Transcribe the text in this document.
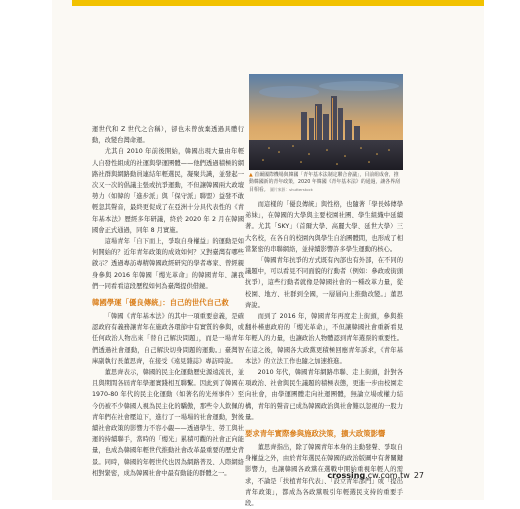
運世代和 Z 世代之合稱），卻也未曾放棄透過具體行動，改變台灣命運。

尤其自 2010 年前後開始，韓國出現大量由年輕人自發性組成的社運與學運團體——他們透過積極的網路社群與網路動員連結年輕選民，凝聚共識，並發起一次又一次的倡議主張或抗爭運動，不但讓韓國兩大政壇勢力（如韓的「進步派」與「保守派」聯盟）益發不敢輕忽其聲音，最終更促成了在亞洲十分具代表性的《青年基本法》歷經多年研議，終於 2020 年 2 月在韓國國會正式通過，同年 8 月實施。

這場青年「自下而上，爭取自身權益」的運動是如何開始的？近年青年政策的成效如何？又對臺灣有哪些啟示？透過專訪專精韓國政經研究的學者專家、曾經親身參與 2016 年韓國「燭光革命」的韓國青年、讓我們一同看看這段歷程如何為臺灣提供借鏡。

韓國學運「優良傳統」：自己的世代自己救

「韓國《青年基本法》的其中一項重要意義，是確認政府有義務讓青年在施政各環節中有實質的參與，或任何政治人物出來「替自己解決問題」，而是一場青年們透過社會運動，自己解決切身問題的運動。」臺灣智庫副執行長董思齊，在接受《遠見雜誌》專訪時說。

董思齊表示，韓國的民主化運動歷史源遠流長，並且與期間各屆青年學運實踐相互聯繫。因此到了韓國在 1970-80 年代的民主化運動（如著名的光州事件）至今仍被不少韓國人視為民主化的驕傲，那些令人欽佩的青年們在社會壓迫下，進行了一場場的社會運動，對後續社會政策的影響力不容小覷——透過學生、勞工與社運的持續聯手，當時的「燭光」累積可觀的社會正向能量，也成為韓國年輕世代推動社會改革最重要的歷史背景。同時，韓國的年輕世代也因為網路普及、人際網絡相對緊密，成為韓國社會中最有動能的群體之一。

▲ 首爾國際機場與韓國「青年基本法制定聯合會議」，目前組成會，推動韓國新的青年政策，2020 年韓國《青年基本法》的通過，讓各界刮目相看。 圖片來源：shutterstock

而這樣的「優良傳統」與性格，也隨著「學長姊傳學弟妹」，在韓國的大學與主要校園社團、學生組織中延續著。尤其「SKY」（首爾大學、高麗大學、延世大學）三大名校，在各自的校園內與學生自治團體間，也形成了相當緊密的串聯網絡，並持續影響許多學生運動的核心。

「韓國青年抗爭的方式既有內部也有外部，在不同的議題中，可以看見不同面貌的行動者（例如：參政或街頭抗爭），這些行動者就像是韓國社會的一種改革力量，從校園、地方、社群到全國，一層層向上推動改變。」董思齊說。

而到了 2016 年，韓國青年再度走上街頭，參與推翻朴槿惠政府的「燭光革命」，不但讓韓國社會重新看見年輕人的力量，也讓政治人物體認到青年選票的重要性。在這之後，韓國各大政黨更積極回應青年訴求，《青年基本法》的立法工作也隨之加速推進。

2010 年代，韓國青年網路串聯、走上街頭，針對各項政治、社會與民生議題的積極表態，更進一步由校園走向社會，由學運團體走向社運團體，無論立場或權力結構，青年的聲音已成為韓國政治與社會難以忽視的一股力量。

要求青年實際參與施政決策，擴大政策影響

董思齊指出，除了韓國青年本身的主動發聲、爭取自身權益之外，由於青年選民在韓國的政治版圖中有著關鍵影響力，也讓韓國各政黨在選戰中開始重視年輕人的需求，不論是「扶植青年代表」、「設立青年部門」或「提出青年政策」，都成為各政黨吸引年輕選民支持的重要手段。

crossing.cw.com.tw 27
